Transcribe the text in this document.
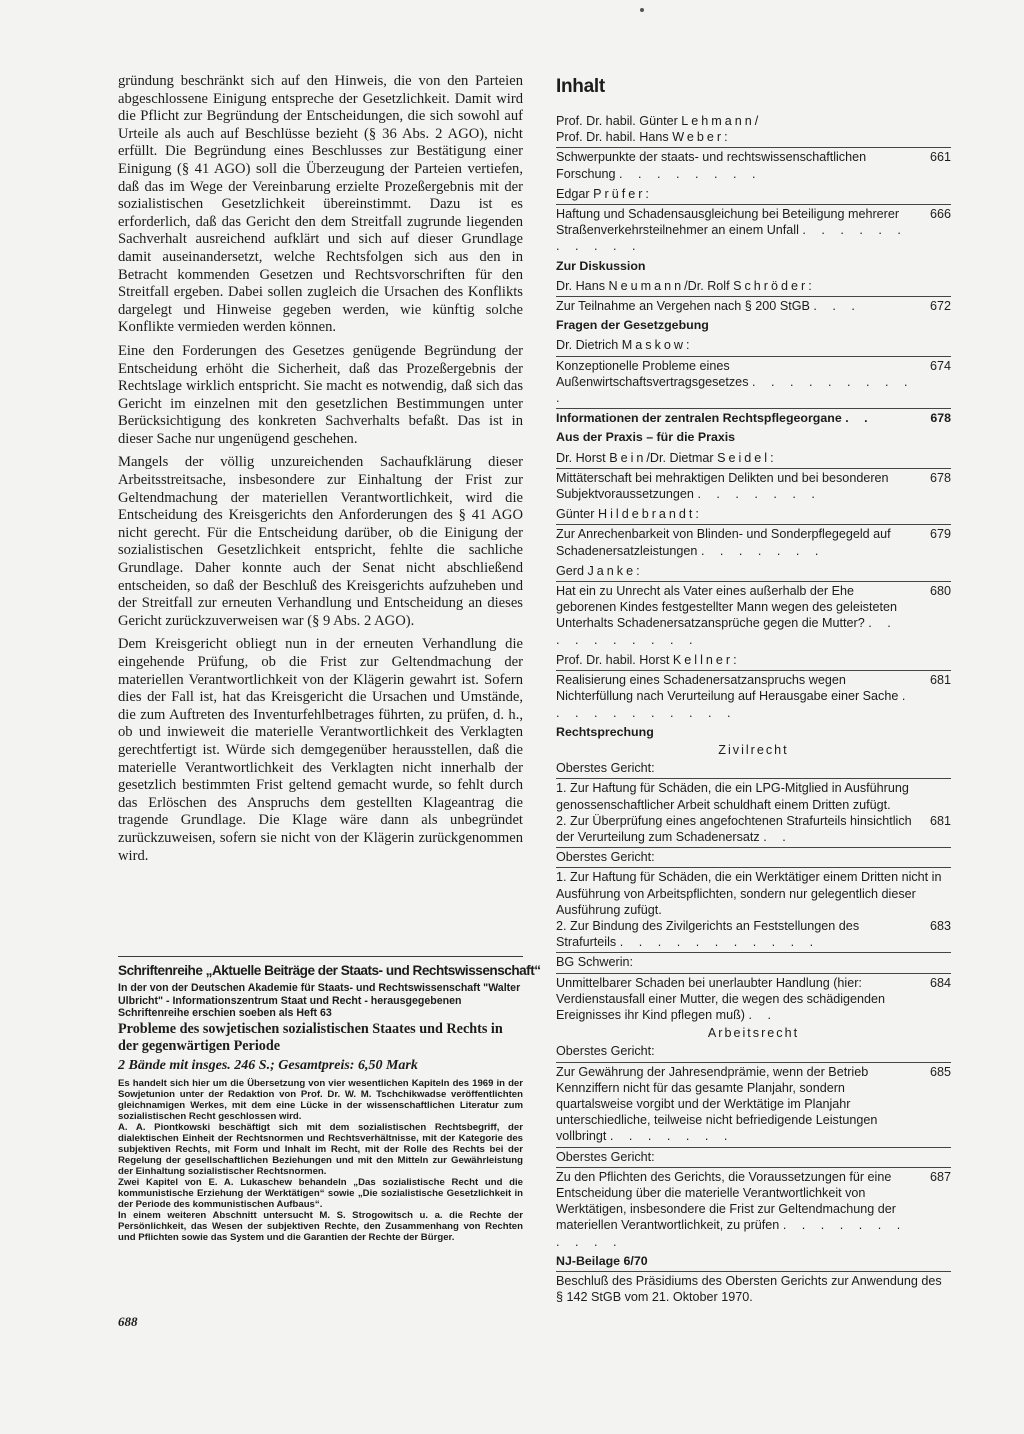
gründung beschränkt sich auf den Hinweis, die von den Parteien abgeschlossene Einigung entspreche der Gesetzlichkeit. Damit wird die Pflicht zur Begründung der Entscheidungen, die sich sowohl auf Urteile als auch auf Beschlüsse bezieht (§ 36 Abs. 2 AGO), nicht erfüllt. Die Begründung eines Beschlusses zur Bestätigung einer Einigung (§ 41 AGO) soll die Überzeugung der Parteien vertiefen, daß das im Wege der Vereinbarung erzielte Prozeßergebnis mit der sozialistischen Gesetzlichkeit übereinstimmt. Dazu ist es erforderlich, daß das Gericht den dem Streitfall zugrunde liegenden Sachverhalt ausreichend aufklärt und sich auf dieser Grundlage damit auseinandersetzt, welche Rechtsfolgen sich aus den in Betracht kommenden Gesetzen und Rechtsvorschriften für den Streitfall ergeben. Dabei sollen zugleich die Ursachen des Konflikts dargelegt und Hinweise gegeben werden, wie künftig solche Konflikte vermieden werden können.

Eine den Forderungen des Gesetzes genügende Begründung der Entscheidung erhöht die Sicherheit, daß das Prozeßergebnis der Rechtslage wirklich entspricht. Sie macht es notwendig, daß sich das Gericht im einzelnen mit den gesetzlichen Bestimmungen unter Berücksichtigung des konkreten Sachverhalts befaßt. Das ist in dieser Sache nur ungenügend geschehen.

Mangels der völlig unzureichenden Sachaufklärung dieser Arbeitsstreitsache, insbesondere zur Einhaltung der Frist zur Geltendmachung der materiellen Verantwortlichkeit, wird die Entscheidung des Kreisgerichts den Anforderungen des § 41 AGO nicht gerecht. Für die Entscheidung darüber, ob die Einigung der sozialistischen Gesetzlichkeit entspricht, fehlte die sachliche Grundlage. Daher konnte auch der Senat nicht abschließend entscheiden, so daß der Beschluß des Kreisgerichts aufzuheben und der Streitfall zur erneuten Verhandlung und Entscheidung an dieses Gericht zurückzuverweisen war (§ 9 Abs. 2 AGO).

Dem Kreisgericht obliegt nun in der erneuten Verhandlung die eingehende Prüfung, ob die Frist zur Geltendmachung der materiellen Verantwortlichkeit von der Klägerin gewahrt ist. Sofern dies der Fall ist, hat das Kreisgericht die Ursachen und Umstände, die zum Auftreten des Inventurfehlbetrages führten, zu prüfen, d. h., ob und inwieweit die materielle Verantwortlichkeit des Verklagten gerechtfertigt ist. Würde sich demgegenüber herausstellen, daß die materielle Verantwortlichkeit des Verklagten nicht innerhalb der gesetzlich bestimmten Frist geltend gemacht wurde, so fehlt durch das Erlöschen des Anspruchs dem gestellten Klageantrag die tragende Grundlage. Die Klage wäre dann als unbegründet zurückzuweisen, sofern sie nicht von der Klägerin zurückgenommen wird.

Schriftenreihe „Aktuelle Beiträge der Staats- und Rechtswissenschaft“
In der von der Deutschen Akademie für Staats- und Rechtswissenschaft "Walter Ulbricht" - Informationszentrum Staat und Recht - herausgegebenen Schriftenreihe erschien soeben als Heft 63
Probleme des sowjetischen sozialistischen Staates und Rechts in der gegenwärtigen Periode
2 Bände mit insges. 246 S.; Gesamtpreis: 6,50 Mark

Es handelt sich hier um die Übersetzung von vier wesentlichen Kapiteln des 1969 in der Sowjetunion unter der Redaktion von Prof. Dr. W. M. Tschchikwadse veröffentlichten gleichnamigen Werkes, mit dem eine Lücke in der wissenschaftlichen Literatur zum sozialistischen Recht geschlossen wird.

A. A. Piontkowski beschäftigt sich mit dem sozialistischen Rechtsbegriff, der dialektischen Einheit der Rechtsnormen und Rechtsverhältnisse, mit der Kategorie des subjektiven Rechts, mit Form und Inhalt im Recht, mit der Rolle des Rechts bei der Regelung der gesellschaftlichen Beziehungen und mit den Mitteln zur Gewährleistung der Einhaltung sozialistischer Rechtsnormen.

Zwei Kapitel von E. A. Lukaschew behandeln „Das sozialistische Recht und die kommunistische Erziehung der Werktätigen“ sowie „Die sozialistische Gesetzlichkeit in der Periode des kommunistischen Aufbaus“.

In einem weiteren Abschnitt untersucht M. S. Strogowitsch u. a. die Rechte der Persönlichkeit, das Wesen der subjektiven Rechte, den Zusammenhang von Rechten und Pflichten sowie das System und die Garantien der Rechte der Bürger.

688
Inhalt
Prof. Dr. habil. Günter Lehmann/
Prof. Dr. habil. Hans Weber:
Schwerpunkte der staats- und rechtswissenschaftlichen Forschung . . . . . . . .
661
Edgar Prüfer:
Haftung und Schadensausgleichung bei Beteiligung mehrerer Straßenverkehrsteilnehmer an einem Unfall . . . . . . . . . . .
666
Zur Diskussion
Dr. Hans Neumann/Dr. Rolf Schröder:
Zur Teilnahme an Vergehen nach § 200 StGB . . .	672
Fragen der Gesetzgebung
Dr. Dietrich Maskow:
Konzeptionelle Probleme eines Außenwirtschaftsvertragsgesetzes . . . . . . . . . .
674
Informationen der zentralen Rechtspflegeorgane . .	678
Aus der Praxis – für die Praxis
Dr. Horst Bein/Dr. Dietmar Seidel:
Mittäterschaft bei mehraktigen Delikten und bei besonderen Subjektvoraussetzungen . . . . . . .
678
Günter Hildebrandt:
Zur Anrechenbarkeit von Blinden- und Sonderpflegegeld auf Schadenersatzleistungen . . . . . . .
679
Gerd Janke:
Hat ein zu Unrecht als Vater eines außerhalb der Ehe geborenen Kindes festgestellter Mann wegen des geleisteten Unterhalts Schadenersatzansprüche gegen die Mutter? . . . . . . . . . .
680
Prof. Dr. habil. Horst Kellner:
Realisierung eines Schadenersatzanspruchs wegen Nichterfüllung nach Verurteilung auf Herausgabe einer Sache . . . . . . . . . . .
681
Rechtsprechung
Zivilrecht
Oberstes Gericht:
1. Zur Haftung für Schäden, die ein LPG-Mitglied in Ausführung genossenschaftlicher Arbeit schuldhaft einem Dritten zufügt.
2. Zur Überprüfung eines angefochtenen Strafurteils hinsichtlich der Verurteilung zum Schadenersatz . .
681
Oberstes Gericht:
1. Zur Haftung für Schäden, die ein Werktätiger einem Dritten nicht in Ausführung von Arbeitspflichten, sondern nur gelegentlich dieser Ausführung zufügt.
2. Zur Bindung des Zivilgerichts an Feststellungen des Strafurteils . . . . . . . . . . .
683
BG Schwerin:
Unmittelbarer Schaden bei unerlaubter Handlung (hier: Verdienstausfall einer Mutter, die wegen des schädigenden Ereignisses ihr Kind pflegen muß) . .
684
Arbeitsrecht
Oberstes Gericht:
Zur Gewährung der Jahresendprämie, wenn der Betrieb Kennziffern nicht für das gesamte Planjahr, sondern quartalsweise vorgibt und der Werktätige im Planjahr unterschiedliche, teilweise nicht befriedigende Leistungen vollbringt . . . . . . .
685
Oberstes Gericht:
Zu den Pflichten des Gerichts, die Voraussetzungen für eine Entscheidung über die materielle Verantwortlichkeit von Werktätigen, insbesondere die Frist zur Geltendmachung der materiellen Verantwortlichkeit, zu prüfen . . . . . . . . . . .
687
NJ-Beilage 6/70
Beschluß des Präsidiums des Obersten Gerichts zur Anwendung des § 142 StGB vom 21. Oktober 1970.
